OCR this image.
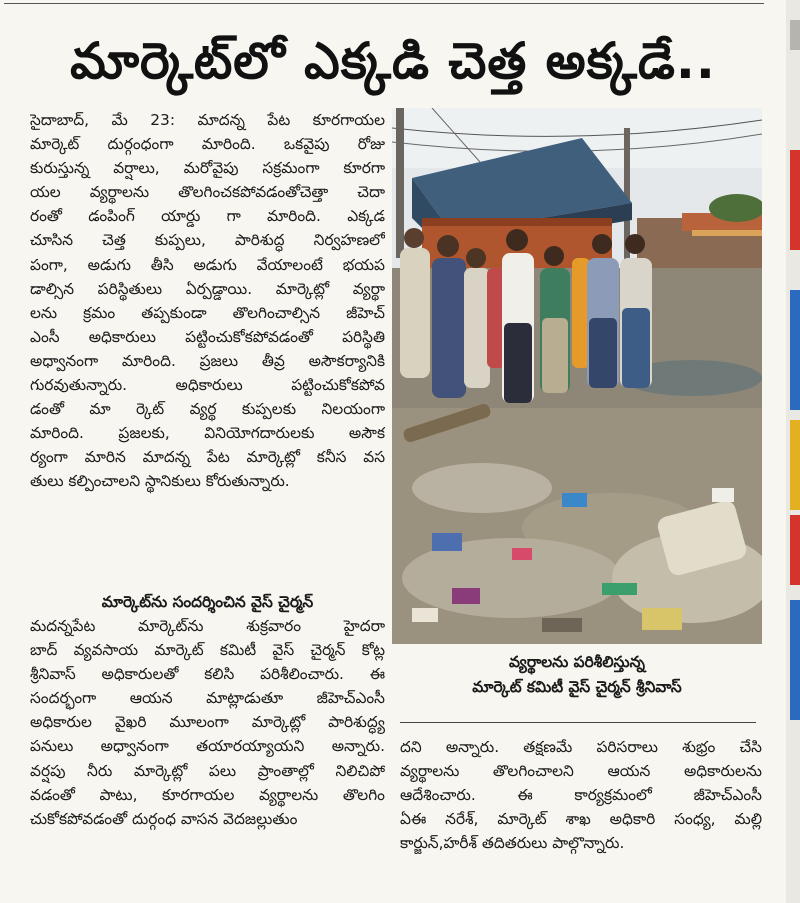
మార్కెట్‌లో ఎక్కడి చెత్త అక్కడే..
సైదాబాద్, మే 23: మాదన్న పేట కూరగాయల
మార్కెట్ దుర్గంధంగా మారింది. ఒకవైపు రోజు
కురుస్తున్న వర్షాలు, మరోవైపు సక్రమంగా కూరగా
యల వ్యర్థాలను తొలగించకపోవడంతోచెత్తా చెదా
రంతో డంపింగ్ యార్డు గా మారింది. ఎక్కడ
చూసిన చెత్త కుప్పలు, పారిశుద్ధ నిర్వహణలో
పంగా, అడుగు తీసి అడుగు వేయాలంటే భయప
డాల్సిన పరిస్థితులు ఏర్పడ్డాయి. మార్కెట్లో వ్యర్థా
లను క్రమం తప్పకుండా తొలగించాల్సిన జీహెచ్
ఎంసీ అధికారులు పట్టించుకోకపోవడంతో పరిస్థితి
అధ్వానంగా మారింది. ప్రజలు తీవ్ర అసౌకర్యానికి
గురవుతున్నారు. అధికారులు పట్టించుకోకపోవ
డంతో మా ర్కెట్ వ్యర్థ కుప్పలకు నిలయంగా
మారింది. ప్రజలకు, వినియోగదారులకు అసౌక
ర్యంగా మారిన మాదన్న పేట మార్కెట్లో కనీస వస
తులు కల్పించాలని స్థానికులు కోరుతున్నారు.
మార్కెట్‌ను సందర్శించిన వైస్ చైర్మన్
మదన్నపేట మార్కెట్‌ను శుక్రవారం హైదరా
బాద్ వ్యవసాయ మార్కెట్ కమిటీ వైస్ చైర్మన్ కోట్ల
శ్రీనివాస్ అధికారులతో కలిసి పరిశీలించారు. ఈ
సందర్భంగా ఆయన మాట్లాడుతూ జీహెచ్ఎంసీ
అధికారుల వైఖరి మూలంగా మార్కెట్లో పారిశుద్ధ్య
పనులు అధ్వానంగా తయారయ్యాయని అన్నారు.
వర్షపు నీరు మార్కెట్లో పలు ప్రాంతాల్లో నిలిచిపో
వడంతో పాటు, కూరగాయల వ్యర్థాలను తొలగిం
చుకోకపోవడంతో దుర్గంధ వాసన వెదజల్లుతుం
వ్యర్థాలను పరిశీలిస్తున్న
మార్కెట్ కమిటీ వైస్ చైర్మన్ శ్రీనివాస్
దని అన్నారు. తక్షణమే పరిసరాలు శుభ్రం చేసి
వ్యర్థాలను తొలగించాలని ఆయన అధికారులను
ఆదేశించారు. ఈ కార్యక్రమంలో జీహెచ్ఎంసీ
ఏఈ నరేశ్, మార్కెట్ శాఖ అధికారి సంధ్య, మల్లి
కార్జున్,హరీశ్ తదితరులు పాల్గొన్నారు.
